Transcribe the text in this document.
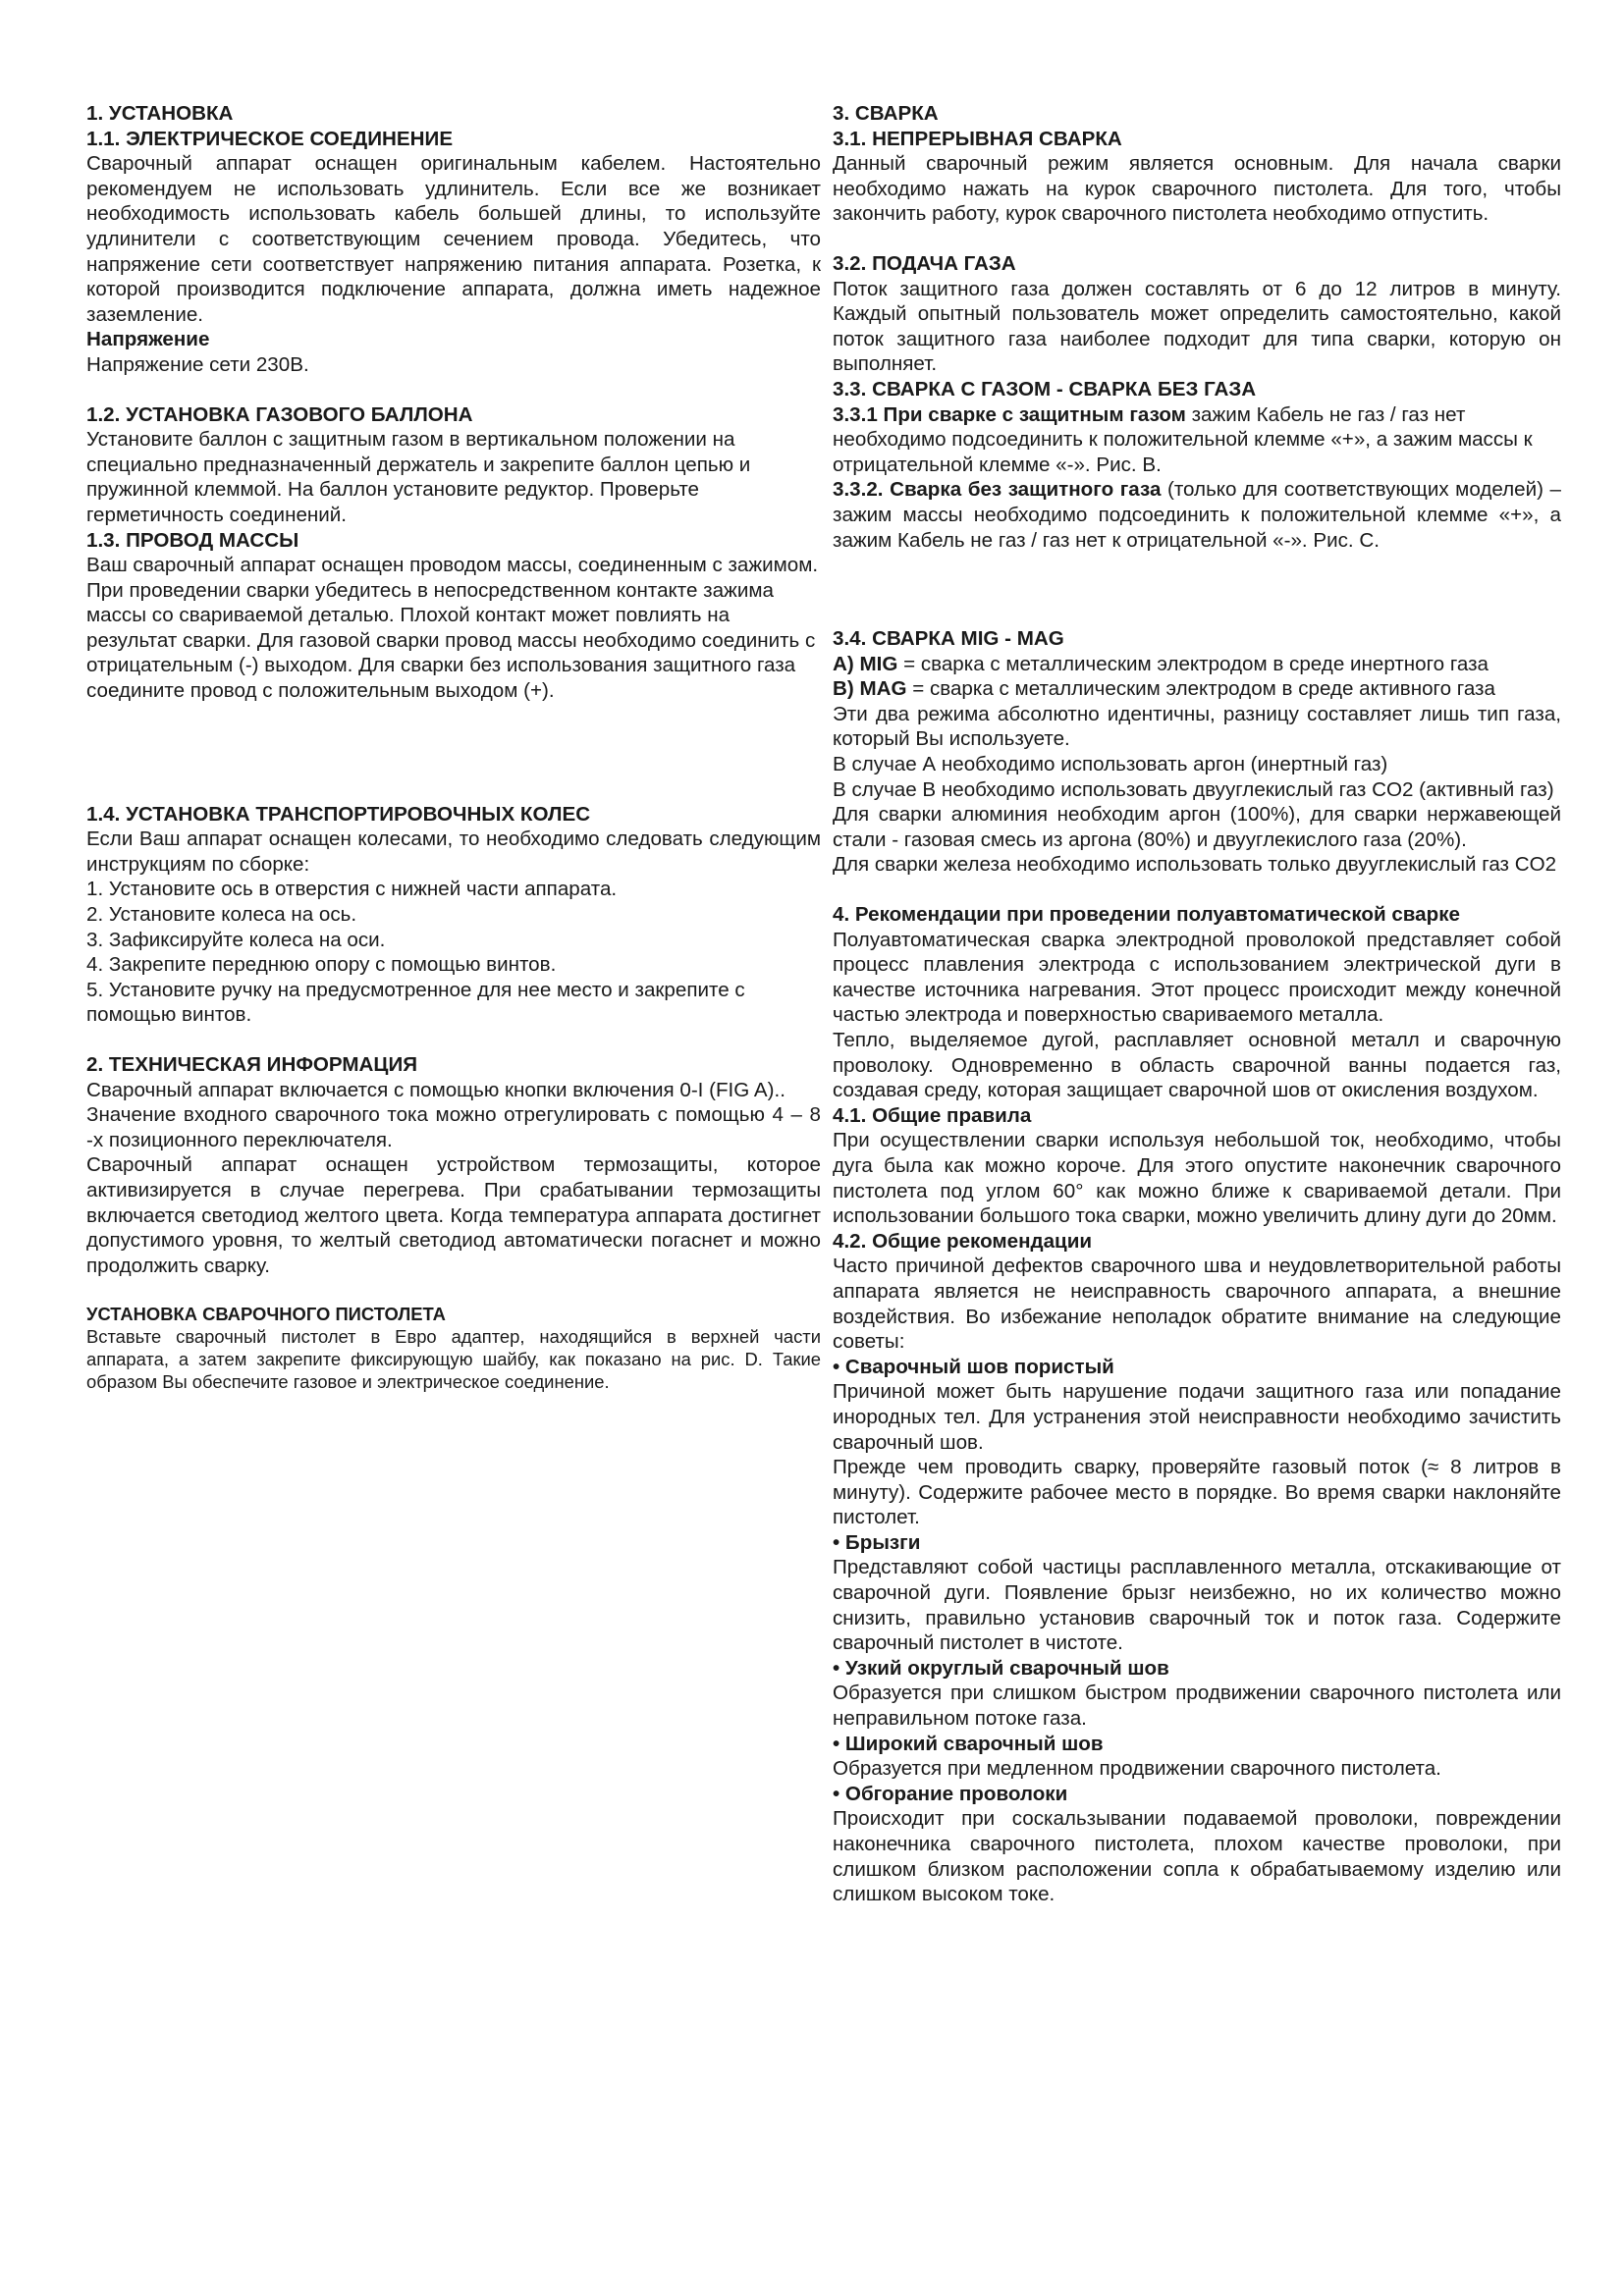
1. УСТАНОВКА
1.1. ЭЛЕКТРИЧЕСКОЕ СОЕДИНЕНИЕ
Сварочный аппарат оснащен оригинальным кабелем. Настоятельно рекомендуем не использовать удлинитель. Если все же возникает необходимость использовать кабель большей длины, то используйте удлинители с соответствующим сечением провода. Убедитесь, что напряжение сети соответствует напряжению питания аппарата. Розетка, к которой производится подключение аппарата, должна иметь надежное заземление.
Напряжение
Напряжение сети 230В.
1.2. УСТАНОВКА ГАЗОВОГО БАЛЛОНА
Установите баллон с защитным газом в вертикальном положении на специально предназначенный держатель и закрепите баллон цепью и пружинной клеммой. На баллон установите редуктор. Проверьте герметичность соединений.
1.3. ПРОВОД МАССЫ
Ваш сварочный аппарат оснащен проводом массы, соединенным с зажимом. При проведении сварки убедитесь в непосредственном контакте зажима массы со свариваемой деталью. Плохой контакт может повлиять на результат сварки. Для газовой сварки провод массы необходимо соединить с отрицательным (-) выходом. Для сварки без использования защитного газа соедините провод с положительным выходом (+).
1.4. УСТАНОВКА ТРАНСПОРТИРОВОЧНЫХ КОЛЕС
Если Ваш аппарат оснащен колесами, то необходимо следовать следующим инструкциям по сборке:
1. Установите ось в отверстия с нижней части аппарата.
2. Установите колеса на ось.
3. Зафиксируйте колеса на оси.
4. Закрепите переднюю опору с помощью винтов.
5. Установите ручку на предусмотренное для нее место и закрепите с помощью винтов.
2. ТЕХНИЧЕСКАЯ ИНФОРМАЦИЯ
Сварочный аппарат включается с помощью кнопки включения 0-I (FIG A)..
Значение входного сварочного тока можно отрегулировать с помощью 4 – 8 -х позиционного переключателя.
Сварочный аппарат оснащен устройством термозащиты, которое активизируется в случае перегрева. При срабатывании термозащиты включается светодиод желтого цвета. Когда температура аппарата достигнет допустимого уровня, то желтый светодиод автоматически погаснет и можно продолжить сварку.
УСТАНОВКА СВАРОЧНОГО ПИСТОЛЕТА
Вставьте сварочный пистолет в Евро адаптер, находящийся в верхней части аппарата, а затем закрепите фиксирующую шайбу, как показано на рис. D. Такие образом Вы обеспечите газовое и электрическое соединение.
3. СВАРКА
3.1. НЕПРЕРЫВНАЯ СВАРКА
Данный сварочный режим является основным. Для начала сварки необходимо нажать на курок сварочного пистолета. Для того, чтобы закончить работу, курок сварочного пистолета необходимо отпустить.
3.2. ПОДАЧА ГАЗА
Поток защитного газа должен составлять от 6 до 12 литров в минуту. Каждый опытный пользователь может определить самостоятельно, какой поток защитного газа наиболее подходит для типа сварки, которую он выполняет.
3.3. СВАРКА С ГАЗОМ - СВАРКА БЕЗ ГАЗА
3.3.1 При сварке с защитным газом зажим Кабель не газ / газ нет необходимо подсоединить к положительной клемме «+», а зажим массы к отрицательной клемме «-». Рис. B.
3.3.2. Сварка без защитного газа (только для соответствующих моделей) – зажим массы необходимо подсоединить к положительной клемме «+», а зажим Кабель не газ / газ нет к отрицательной «-». Рис. C.
3.4. СВАРКА MIG - MAG
A) MIG = сварка с металлическим электродом в среде инертного газа
B) MAG = сварка с металлическим электродом в среде активного газа
Эти два режима абсолютно идентичны, разницу составляет лишь тип газа, который Вы используете.
В случае А необходимо использовать аргон (инертный газ)
В случае В необходимо использовать двууглекислый газ CO2 (активный газ)
Для сварки алюминия необходим аргон (100%), для сварки нержавеющей стали - газовая смесь из аргона (80%) и двууглекислого газа (20%).
Для сварки железа необходимо использовать только двууглекислый газ CO2
4. Рекомендации при проведении полуавтоматической сварке
Полуавтоматическая сварка электродной проволокой представляет собой процесс плавления электрода с использованием электрической дуги в качестве источника нагревания. Этот процесс происходит между конечной частью электрода и поверхностью свариваемого металла.
Тепло, выделяемое дугой, расплавляет основной металл и сварочную проволоку. Одновременно в область сварочной ванны подается газ, создавая среду, которая защищает сварочной шов от окисления воздухом.
4.1. Общие правила
При осуществлении сварки используя небольшой ток, необходимо, чтобы дуга была как можно короче. Для этого опустите наконечник сварочного пистолета под углом 60° как можно ближе к свариваемой детали. При использовании большого тока сварки, можно увеличить длину дуги до 20мм.
4.2. Общие рекомендации
Часто причиной дефектов сварочного шва и неудовлетворительной работы аппарата является не неисправность сварочного аппарата, а внешние воздействия. Во избежание неполадок обратите внимание на следующие советы:
• Сварочный шов пористый
Причиной может быть нарушение подачи защитного газа или попадание инородных тел. Для устранения этой неисправности необходимо зачистить сварочный шов.
Прежде чем проводить сварку, проверяйте газовый поток (≈ 8 литров в минуту). Содержите рабочее место в порядке. Во время сварки наклоняйте пистолет.
• Брызги
Представляют собой частицы расплавленного металла, отскакивающие от сварочной дуги. Появление брызг неизбежно, но их количество можно снизить, правильно установив сварочный ток и поток газа. Содержите сварочный пистолет в чистоте.
• Узкий округлый сварочный шов
Образуется при слишком быстром продвижении сварочного пистолета или неправильном потоке газа.
• Широкий сварочный шов
Образуется при медленном продвижении сварочного пистолета.
• Обгорание проволоки
Происходит при соскальзывании подаваемой проволоки, повреждении наконечника сварочного пистолета, плохом качестве проволоки, при слишком близком расположении сопла к обрабатываемому изделию или слишком высоком токе.
